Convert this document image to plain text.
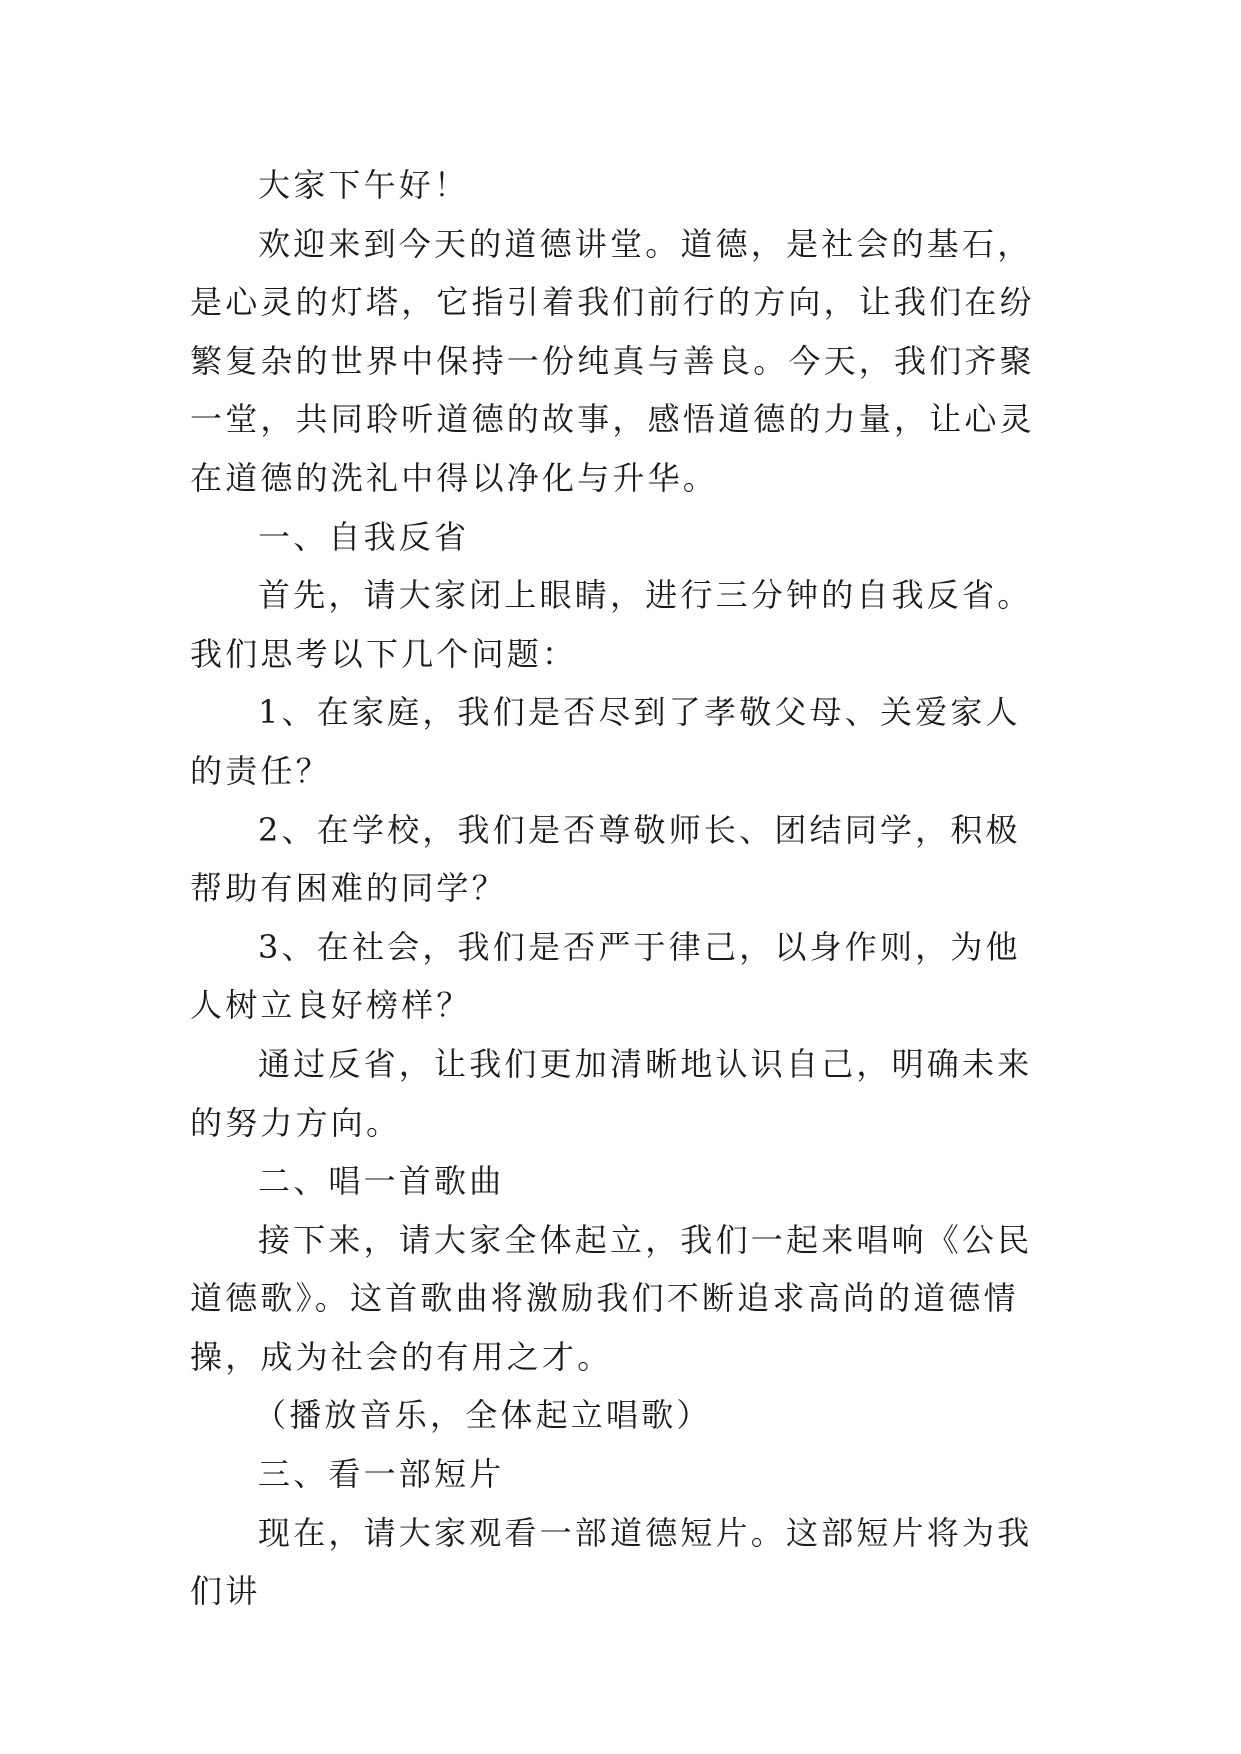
大家下午好！

欢迎来到今天的道德讲堂。道德，是社会的基石，是心灵的灯塔，它指引着我们前行的方向，让我们在纷繁复杂的世界中保持一份纯真与善良。今天，我们齐聚一堂，共同聆听道德的故事，感悟道德的力量，让心灵在道德的洗礼中得以净化与升华。

一、自我反省

首先，请大家闭上眼睛，进行三分钟的自我反省。我们思考以下几个问题：

1、在家庭，我们是否尽到了孝敬父母、关爱家人的责任？

2、在学校，我们是否尊敬师长、团结同学，积极帮助有困难的同学？

3、在社会，我们是否严于律己，以身作则，为他人树立良好榜样？

通过反省，让我们更加清晰地认识自己，明确未来的努力方向。

二、唱一首歌曲

接下来，请大家全体起立，我们一起来唱响《公民道德歌》。这首歌曲将激励我们不断追求高尚的道德情操，成为社会的有用之才。

（播放音乐，全体起立唱歌）

三、看一部短片

现在，请大家观看一部道德短片。这部短片将为我们讲
